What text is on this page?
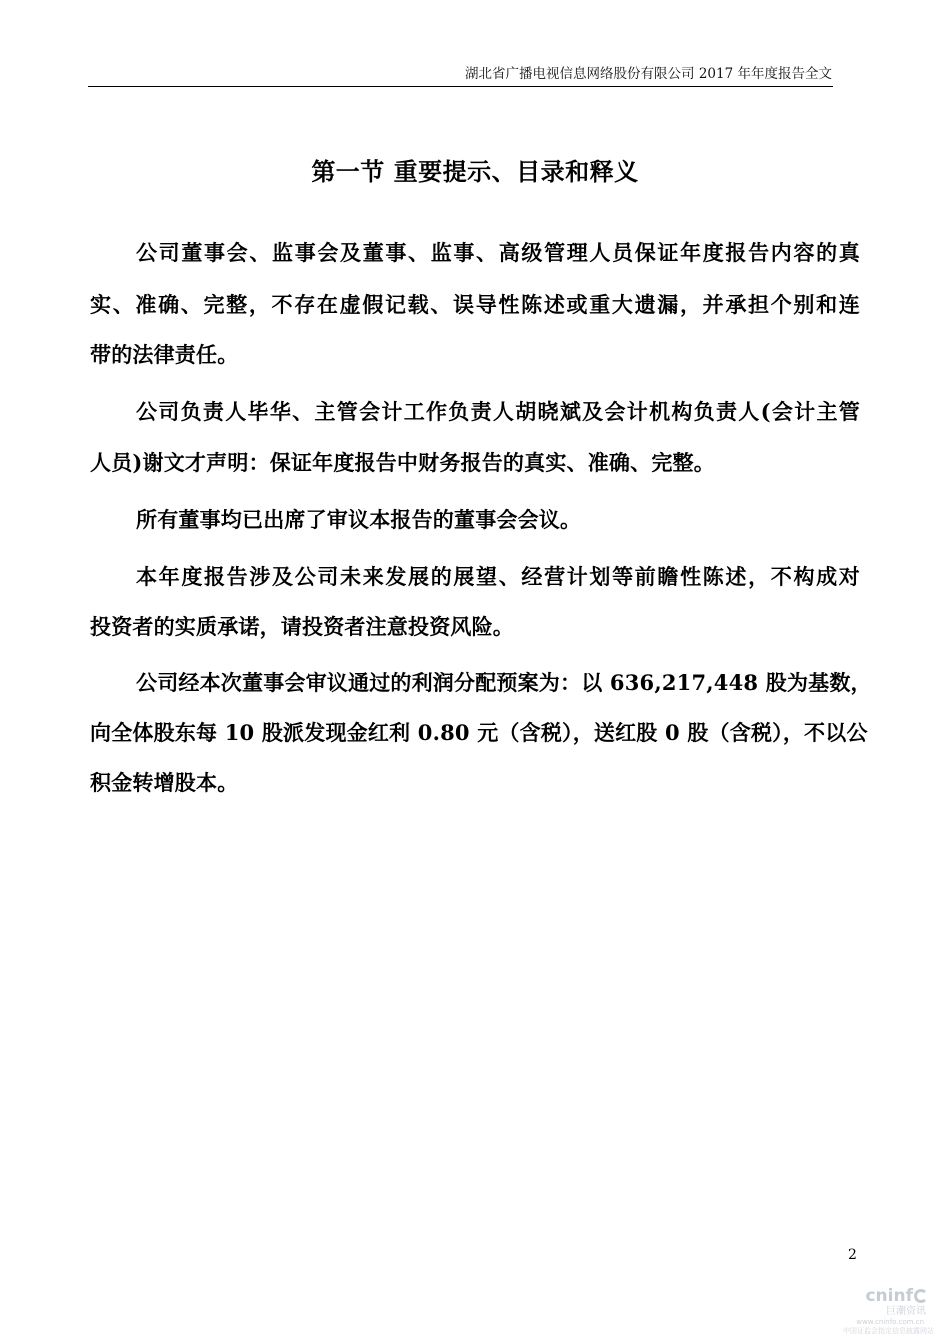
湖北省广播电视信息网络股份有限公司 2017 年年度报告全文
第一节 重要提示、目录和释义
公司董事会、监事会及董事、监事、高级管理人员保证年度报告内容的真
实、准确、完整，不存在虚假记载、误导性陈述或重大遗漏，并承担个别和连
带的法律责任。
公司负责人毕华、主管会计工作负责人胡晓斌及会计机构负责人(会计主管
人员)谢文才声明：保证年度报告中财务报告的真实、准确、完整。
所有董事均已出席了审议本报告的董事会会议。
本年度报告涉及公司未来发展的展望、经营计划等前瞻性陈述，不构成对
投资者的实质承诺，请投资者注意投资风险。
公司经本次董事会审议通过的利润分配预案为：以 636,217,448 股为基数，
向全体股东每 10 股派发现金红利 0.80 元（含税），送红股 0 股（含税），不以公
积金转增股本。
2
cninf
巨潮资讯
www.cninfo.com.cn
中国证监会指定信息披露网站
